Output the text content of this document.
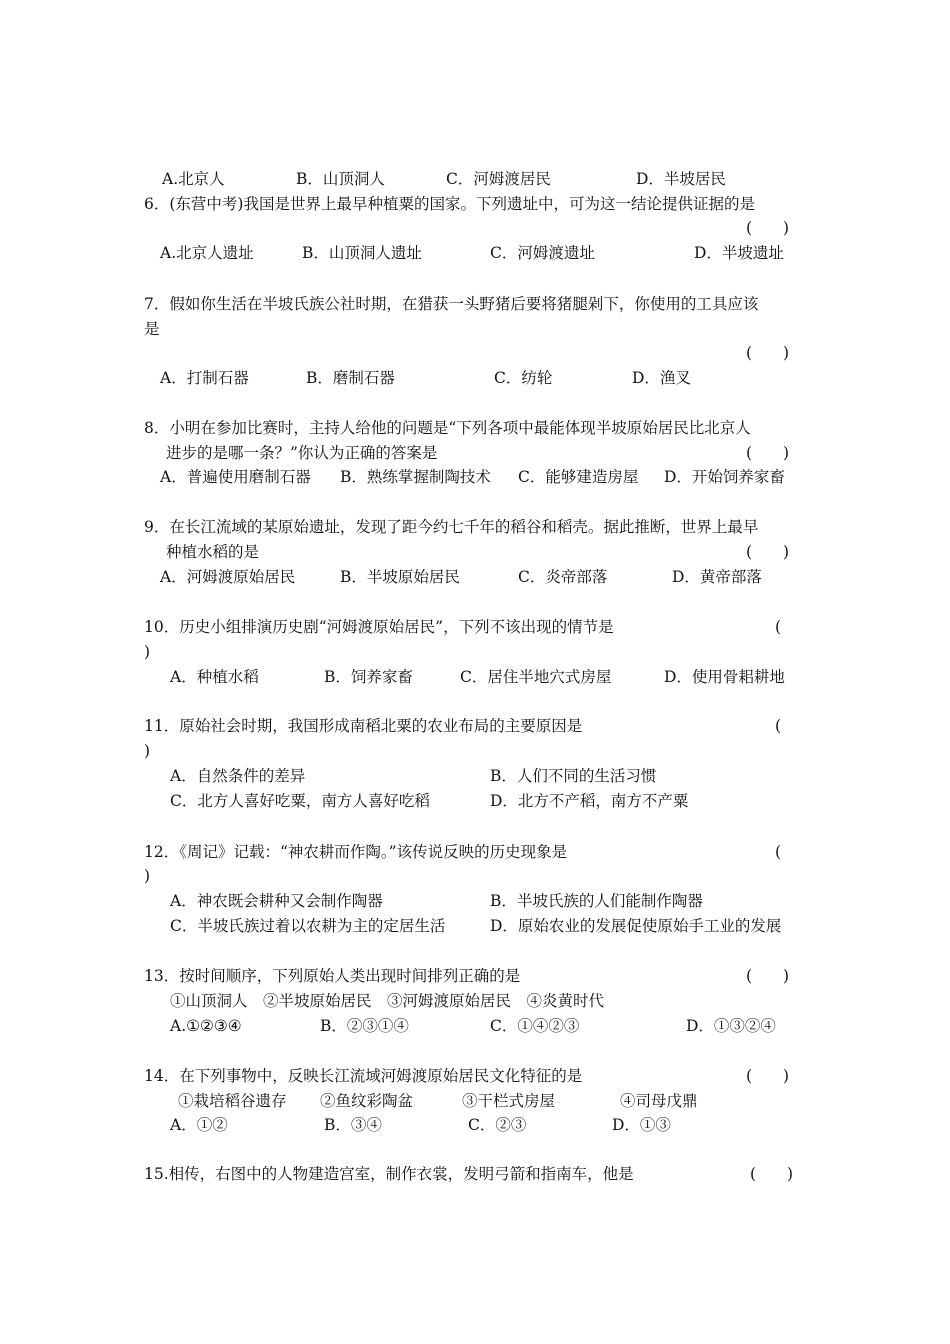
A.北京人	B．山顶洞人	C．河姆渡居民	D．半坡居民
6．(东营中考)我国是世界上最早种植粟的国家。下列遗址中，可为这一结论提供证据的是
(　　)
A.北京人遗址	B．山顶洞人遗址	C．河姆渡遗址	D．半坡遗址
7．假如你生活在半坡氏族公社时期，在猎获一头野猪后要将猪腿剁下，你使用的工具应该
是
(　　)
A．打制石器	B．磨制石器	C．纺轮	D．渔叉
8．小明在参加比赛时，主持人给他的问题是“下列各项中最能体现半坡原始居民比北京人
进步的是哪一条？”你认为正确的答案是	(　　)
A．普遍使用磨制石器 B．熟练掌握制陶技术 C．能够建造房屋 D．开始饲养家畜
9．在长江流域的某原始遗址，发现了距今约七千年的稻谷和稻壳。据此推断，世界上最早
种植水稻的是	(　　)
A．河姆渡原始居民	B．半坡原始居民	C．炎帝部落	D．黄帝部落
10．历史小组排演历史剧“河姆渡原始居民”，下列不该出现的情节是	(
)
A．种植水稻	B．饲养家畜	C．居住半地穴式房屋	D．使用骨耜耕地
11．原始社会时期，我国形成南稻北粟的农业布局的主要原因是	(
)
A．自然条件的差异	B．人们不同的生活习惯
C．北方人喜好吃粟，南方人喜好吃稻	D．北方不产稻，南方不产粟
12．《周记》记载：“神农耕而作陶。”该传说反映的历史现象是	(
)
A．神农既会耕种又会制作陶器	B．半坡氏族的人们能制作陶器
C．半坡氏族过着以农耕为主的定居生活	D．原始农业的发展促使原始手工业的发展
13．按时间顺序，下列原始人类出现时间排列正确的是	(　　)
①山顶洞人　②半坡原始居民　③河姆渡原始居民　④炎黄时代
A.①②③④	B．②③①④	C．①④②③	D．①③②④
14．在下列事物中，反映长江流域河姆渡原始居民文化特征的是	(　　)
①栽培稻谷遗存 ②鱼纹彩陶盆	③干栏式房屋	④司母戊鼎
A．①②	B．③④	C．②③	D．①③
15.相传，右图中的人物建造宫室，制作衣裳，发明弓箭和指南车，他是	(　　)
